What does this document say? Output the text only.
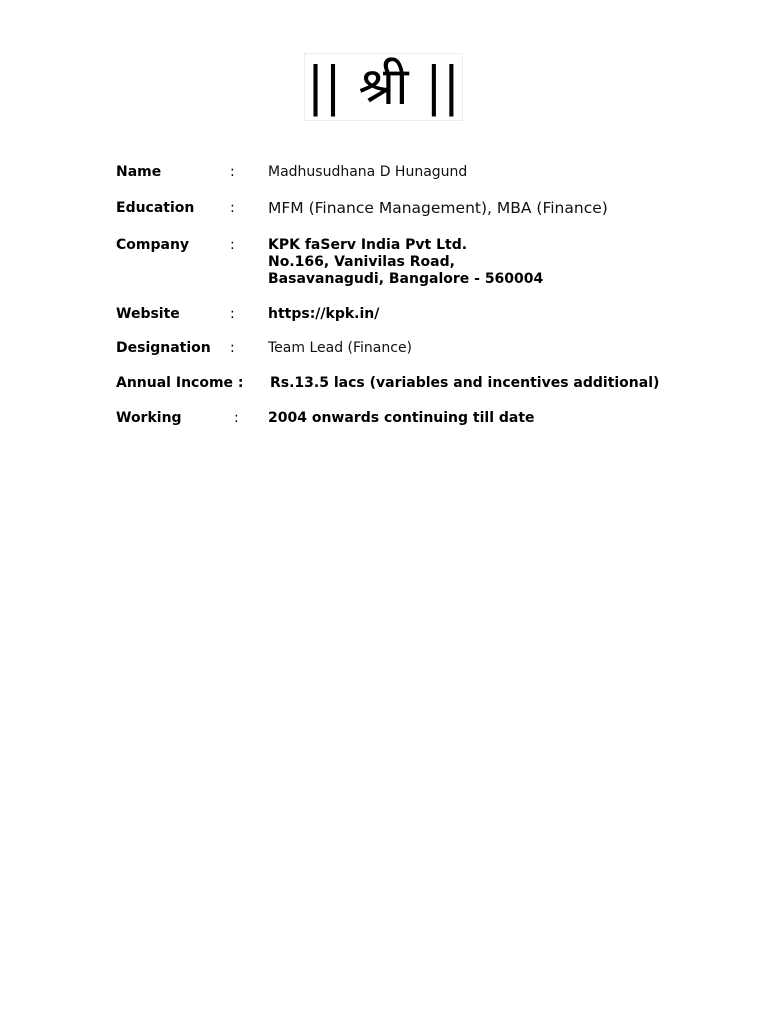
|| श्री ||
Name	: Madhusudhana D Hunagund
Education	: MFM (Finance Management), MBA (Finance)
Company	: KPK faServ India Pvt Ltd.
No.166, Vanivilas Road,
Basavanagudi, Bangalore - 560004
Website	: https://kpk.in/
Designation : Team Lead (Finance)
Annual Income : Rs.13.5 lacs (variables and incentives additional)
Working	: 2004 onwards continuing till date
